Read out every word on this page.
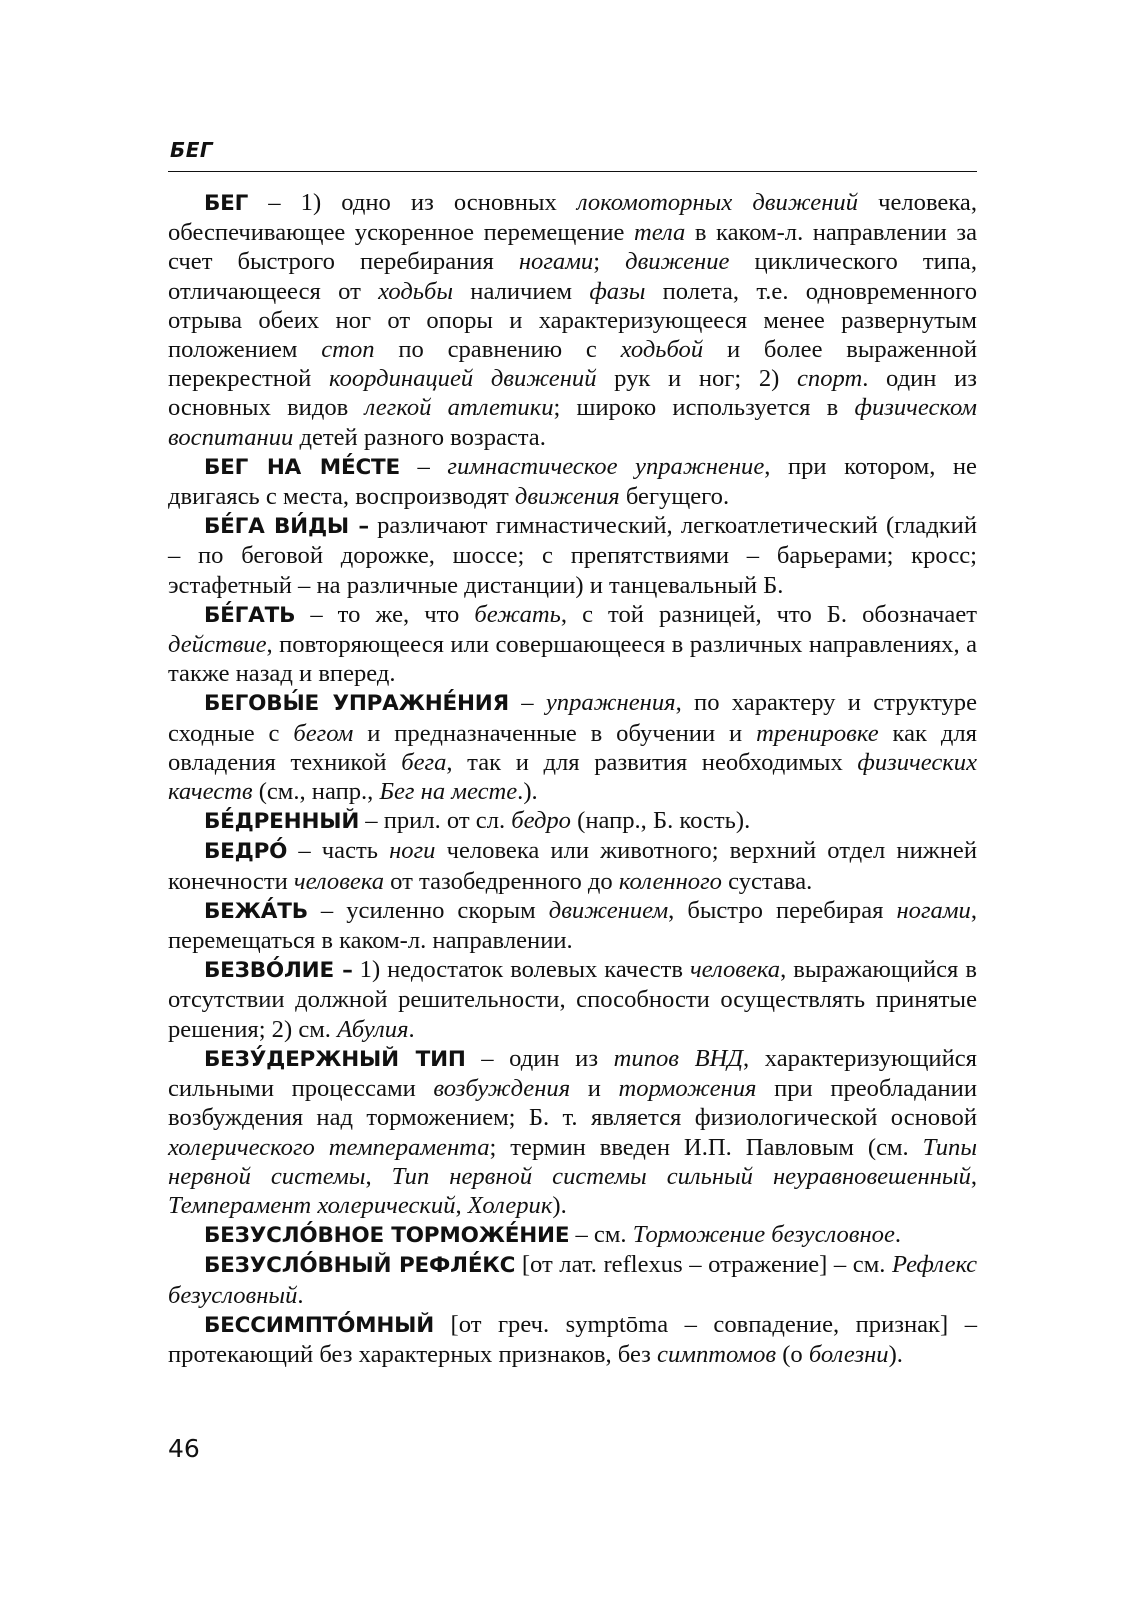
БЕГ

БЕГ – 1) одно из основных локомоторных движений человека, обеспечивающее ускоренное перемещение тела в каком-л. направлении за счет быстрого перебирания ногами; движение циклического типа, отличающееся от ходьбы наличием фазы полета, т.е. одновременного отрыва обеих ног от опоры и характеризующееся менее развернутым положением стоп по сравнению с ходьбой и более выраженной перекрестной координацией движений рук и ног; 2) спорт. один из основных видов легкой атлетики; широко используется в физическом воспитании детей разного возраста.

БЕГ НА МЕ́СТЕ – гимнастическое упражнение, при котором, не двигаясь с места, воспроизводят движения бегущего.

БЕ́ГА ВИ́ДЫ – различают гимнастический, легкоатлетический (гладкий – по беговой дорожке, шоссе; с препятствиями – барьерами; кросс; эстафетный – на различные дистанции) и танцевальный Б.

БЕ́ГАТЬ – то же, что бежать, с той разницей, что Б. обозначает действие, повторяющееся или совершающееся в различных направлениях, а также назад и вперед.

БЕГОВЫ́Е УПРАЖНЕ́НИЯ – упражнения, по характеру и структуре сходные с бегом и предназначенные в обучении и тренировке как для овладения техникой бега, так и для развития необходимых физических качеств (см., напр., Бег на месте.).

БЕ́ДРЕННЫЙ – прил. от сл. бедро (напр., Б. кость).

БЕДРО́ – часть ноги человека или животного; верхний отдел нижней конечности человека от тазобедренного до коленного сустава.

БЕЖА́ТЬ – усиленно скорым движением, быстро перебирая ногами, перемещаться в каком-л. направлении.

БЕЗВО́ЛИЕ – 1) недостаток волевых качеств человека, выражающийся в отсутствии должной решительности, способности осуществлять принятые решения; 2) см. Абулия.

БЕЗУ́ДЕРЖНЫЙ ТИП – один из типов ВНД, характеризующийся сильными процессами возбуждения и торможения при преобладании возбуждения над торможением; Б. т. является физиологической основой холерического темперамента; термин введен И.П. Павловым (см. Типы нервной системы, Тип нервной системы сильный неуравновешенный, Темперамент холерический, Холерик).

БЕЗУСЛО́ВНОЕ ТОРМОЖЕ́НИЕ – см. Торможение безусловное.

БЕЗУСЛО́ВНЫЙ РЕФЛЕ́КС [от лат. reflexus – отражение] – см. Рефлекс безусловный.

БЕССИМПТО́МНЫЙ [от греч. symptōma – совпадение, признак] – протекающий без характерных признаков, без симптомов (о болезни).

46
